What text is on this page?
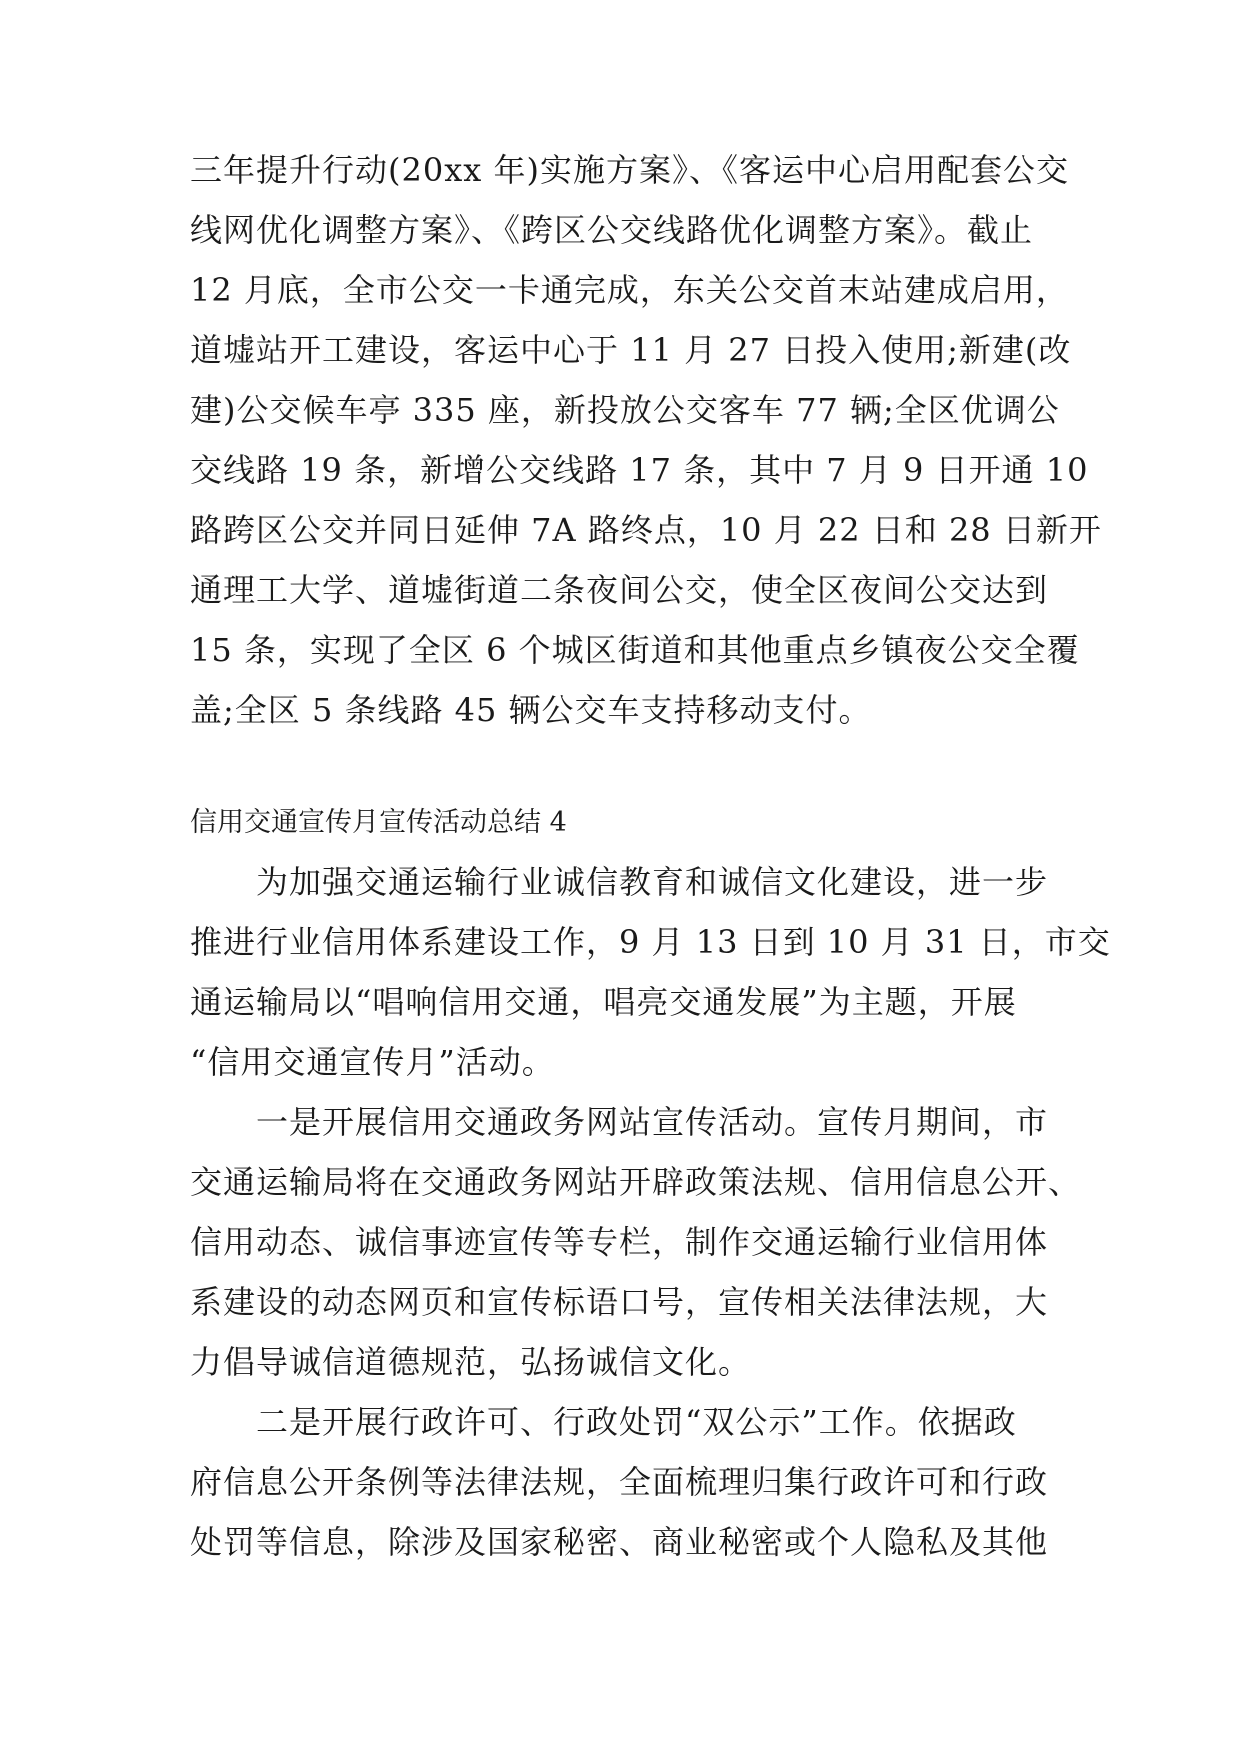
三年提升行动(20xx 年)实施方案》、《客运中心启用配套公交
线网优化调整方案》、《跨区公交线路优化调整方案》。截止
12 月底，全市公交一卡通完成，东关公交首末站建成启用，
道墟站开工建设，客运中心于 11 月 27 日投入使用;新建(改
建)公交候车亭 335 座，新投放公交客车 77 辆;全区优调公
交线路 19 条，新增公交线路 17 条，其中 7 月 9 日开通 10
路跨区公交并同日延伸 7A 路终点，10 月 22 日和 28 日新开
通理工大学、道墟街道二条夜间公交，使全区夜间公交达到
15 条，实现了全区 6 个城区街道和其他重点乡镇夜公交全覆
盖;全区 5 条线路 45 辆公交车支持移动支付。
信用交通宣传月宣传活动总结 4
　　为加强交通运输行业诚信教育和诚信文化建设，进一步
推进行业信用体系建设工作，9 月 13 日到 10 月 31 日，市交
通运输局以“唱响信用交通，唱亮交通发展”为主题，开展
“信用交通宣传月”活动。
　　一是开展信用交通政务网站宣传活动。宣传月期间，市
交通运输局将在交通政务网站开辟政策法规、信用信息公开、
信用动态、诚信事迹宣传等专栏，制作交通运输行业信用体
系建设的动态网页和宣传标语口号，宣传相关法律法规，大
力倡导诚信道德规范，弘扬诚信文化。
　　二是开展行政许可、行政处罚“双公示”工作。依据政
府信息公开条例等法律法规，全面梳理归集行政许可和行政
处罚等信息，除涉及国家秘密、商业秘密或个人隐私及其他
